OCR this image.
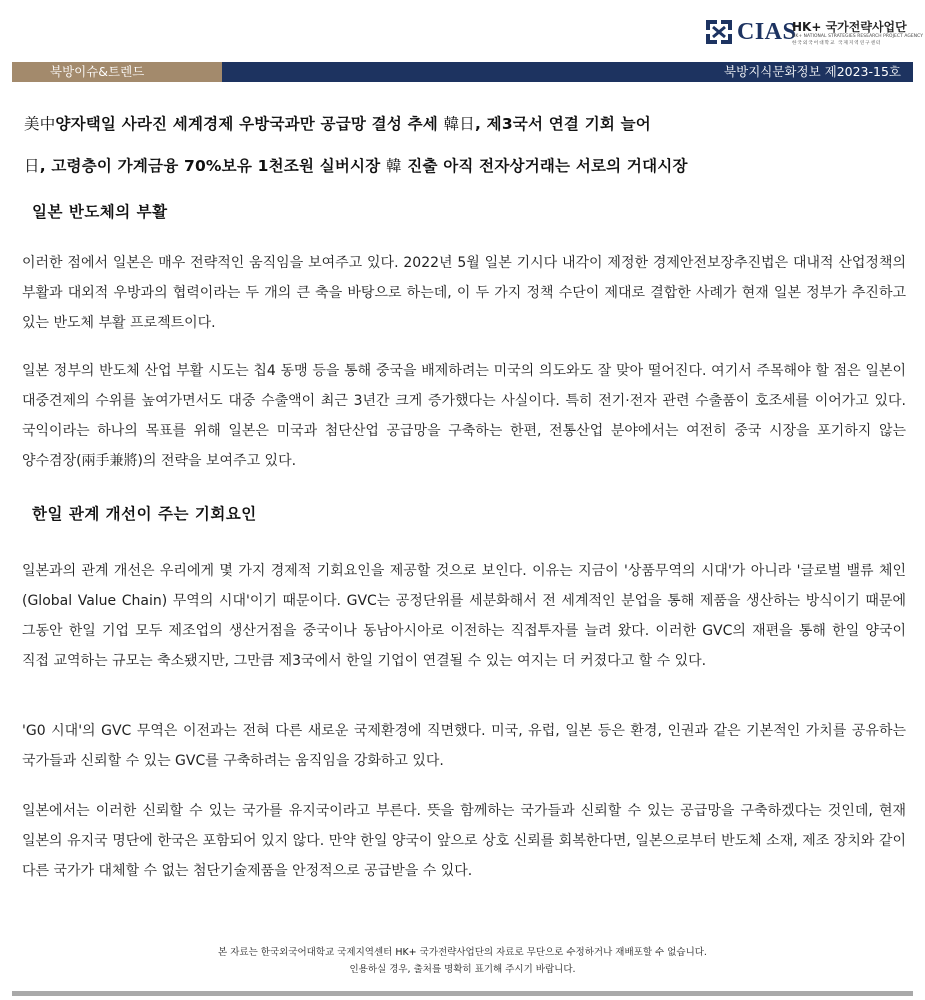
CIAS
HK+ 국가전략사업단
HK+ NATIONAL STRATEGIES RESEARCH PROJECT AGENCY
한국외국어대학교 국제지역연구센터
북방이슈&트렌드	북방지식문화정보 제2023-15호
美中양자택일 사라진 세계경제 우방국과만 공급망 결성 추세 韓日, 제3국서 연결 기회 늘어
日, 고령층이 가계금융 70%보유 1천조원 실버시장 韓 진출 아직 전자상거래는 서로의 거대시장
일본 반도체의 부활

이러한 점에서 일본은 매우 전략적인 움직임을 보여주고 있다. 2022년 5월 일본 기시다 내각이 제정한 경제안전보장추진법은 대내적 산업정책의 부활과 대외적 우방과의 협력이라는 두 개의 큰 축을 바탕으로 하는데, 이 두 가지 정책 수단이 제대로 결합한 사례가 현재 일본 정부가 추진하고 있는 반도체 부활 프로젝트이다.

일본 정부의 반도체 산업 부활 시도는 칩4 동맹 등을 통해 중국을 배제하려는 미국의 의도와도 잘 맞아 떨어진다. 여기서 주목해야 할 점은 일본이 대중견제의 수위를 높여가면서도 대중 수출액이 최근 3년간 크게 증가했다는 사실이다. 특히 전기·전자 관련 수출품이 호조세를 이어가고 있다. 국익이라는 하나의 목표를 위해 일본은 미국과 첨단산업 공급망을 구축하는 한편, 전통산업 분야에서는 여전히 중국 시장을 포기하지 않는 양수겸장(兩手兼將)의 전략을 보여주고 있다.

한일 관계 개선이 주는 기회요인

일본과의 관계 개선은 우리에게 몇 가지 경제적 기회요인을 제공할 것으로 보인다. 이유는 지금이 '상품무역의 시대'가 아니라 '글로벌 밸류 체인(Global Value Chain) 무역의 시대'이기 때문이다. GVC는 공정단위를 세분화해서 전 세계적인 분업을 통해 제품을 생산하는 방식이기 때문에 그동안 한일 기업 모두 제조업의 생산거점을 중국이나 동남아시아로 이전하는 직접투자를 늘려 왔다. 이러한 GVC의 재편을 통해 한일 양국이 직접 교역하는 규모는 축소됐지만, 그만큼 제3국에서 한일 기업이 연결될 수 있는 여지는 더 커졌다고 할 수 있다.

'G0 시대'의 GVC 무역은 이전과는 전혀 다른 새로운 국제환경에 직면했다. 미국, 유럽, 일본 등은 환경, 인권과 같은 기본적인 가치를 공유하는 국가들과 신뢰할 수 있는 GVC를 구축하려는 움직임을 강화하고 있다.

일본에서는 이러한 신뢰할 수 있는 국가를 유지국이라고 부른다. 뜻을 함께하는 국가들과 신뢰할 수 있는 공급망을 구축하겠다는 것인데, 현재 일본의 유지국 명단에 한국은 포함되어 있지 않다. 만약 한일 양국이 앞으로 상호 신뢰를 회복한다면, 일본으로부터 반도체 소재, 제조 장치와 같이 다른 국가가 대체할 수 없는 첨단기술제품을 안정적으로 공급받을 수 있다.

본 자료는 한국외국어대학교 국제지역센터 HK+ 국가전략사업단의 자료로 무단으로 수정하거나 재배포할 수 없습니다.
인용하실 경우, 출처를 명확히 표기해 주시기 바랍니다.
